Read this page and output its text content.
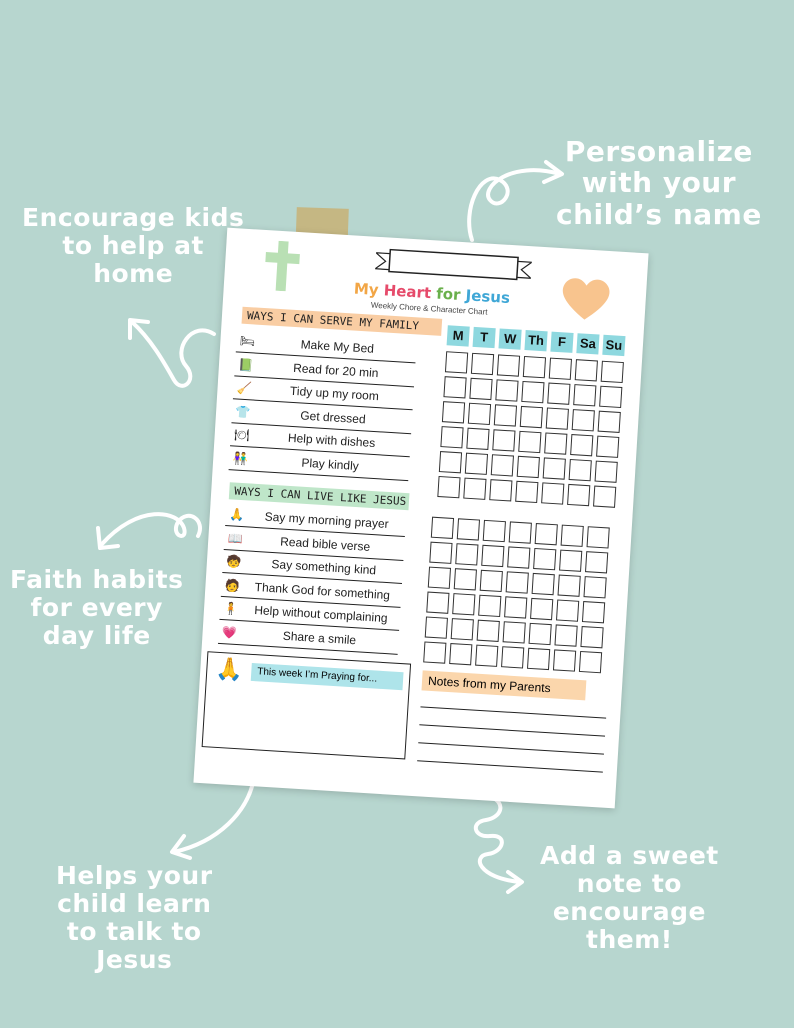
Personalize
with your
child’s name
Encourage kids
to help at
home
Faith habits
for every
day life
Helps your
child learn
to talk to
Jesus
Add a sweet
note to
encourage
them!
My Heart for Jesus
Weekly Chore & Character Chart
WAYS I CAN SERVE MY FAMILY
🛏	Make My Bed
📗	Read for 20 min
🧹	Tidy up my room
👕	Get dressed
🍽	Help with dishes
👫	Play kindly
M	T	W Th	F	Sa Su
WAYS I CAN LIVE LIKE JESUS
🙏	Say my morning prayer
📖	Read bible verse
🧒	Say something kind
🧑	Thank God for something
🧍	Help without complaining
💗	Share a smile
🙏	This week I’m Praying for...	Notes from my Parents
